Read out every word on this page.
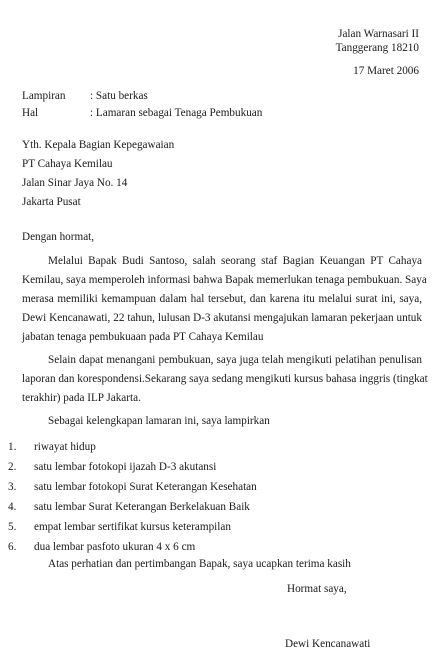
Jalan Warnasari II
Tanggerang 18210
17 Maret 2006
Lampiran : Satu berkas
Hal	: Lamaran sebagai Tenaga Pembukuan
Yth. Kepala Bagian Kepegawaian
PT Cahaya Kemilau
Jalan Sinar Jaya No. 14
Jakarta Pusat
Dengan hormat,
Melalui Bapak Budi Santoso, salah seorang staf Bagian Keuangan PT Cahaya
Kemilau, saya memperoleh informasi bahwa Bapak memerlukan tenaga pembukuan. Saya
merasa memiliki kemampuan dalam hal tersebut, dan karena itu melalui surat ini, saya,
Dewi Kencanawati, 22 tahun, lulusan D-3 akutansi mengajukan lamaran pekerjaan untuk
jabatan tenaga pembukuaan pada PT Cahaya Kemilau
Selain dapat menangani pembukuan, saya juga telah mengikuti pelatihan penulisan
laporan dan korespondensi.Sekarang saya sedang mengikuti kursus bahasa inggris (tingkat
terakhir) pada ILP Jakarta.
Sebagai kelengkapan lamaran ini, saya lampirkan
1. riwayat hidup
2. satu lembar fotokopi ijazah D-3 akutansi
3. satu lembar fotokopi Surat Keterangan Kesehatan
4. satu lembar Surat Keterangan Berkelakuan Baik
5. empat lembar sertifikat kursus keterampilan
6. dua lembar pasfoto ukuran 4 x 6 cm
Atas perhatian dan pertimbangan Bapak, saya ucapkan terima kasih
Hormat saya,
Dewi Kencanawati
